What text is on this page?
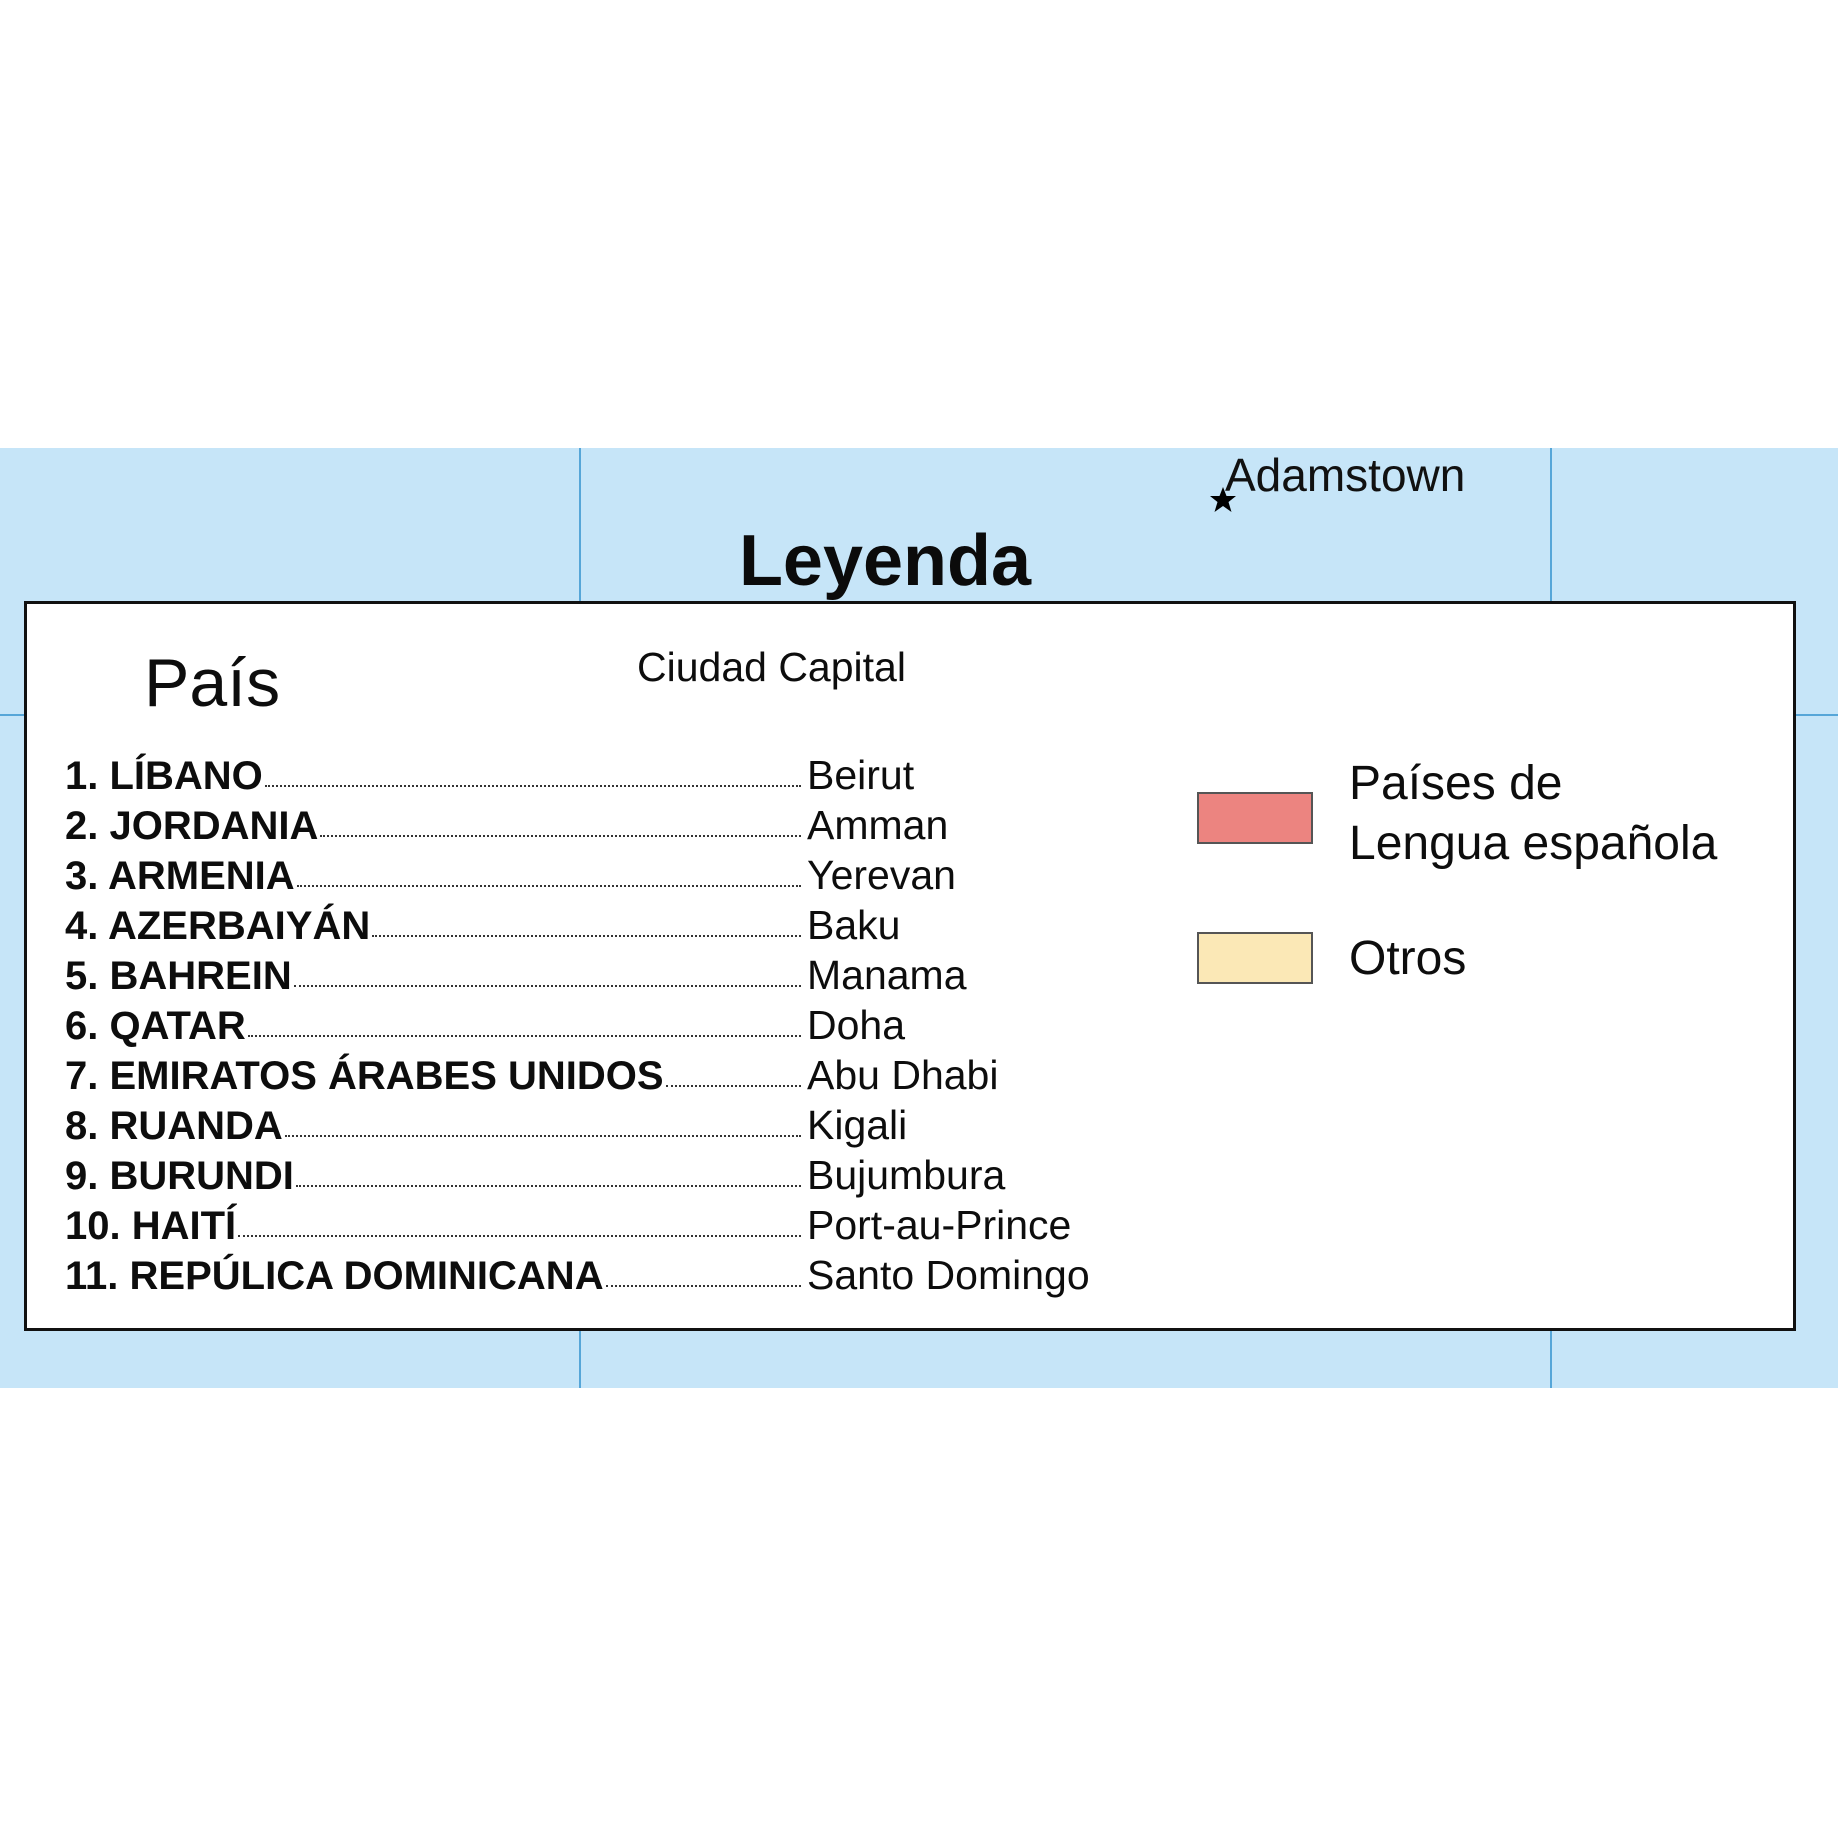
Adamstown
Leyenda
País	Ciudad Capital
1. LÍBANO	Beirut
2. JORDANIA	Amman
3. ARMENIA	Yerevan
4. AZERBAIYÁN	Baku
5. BAHREIN	Manama
6. QATAR	Doha
7. EMIRATOS ÁRABES UNIDOS	Abu Dhabi
8. RUANDA	Kigali
9. BURUNDI	Bujumbura
10. HAITÍ	Port-au-Prince
11. REPÚLICA DOMINICANA	Santo Domingo
Países de
Lengua española
Otros
